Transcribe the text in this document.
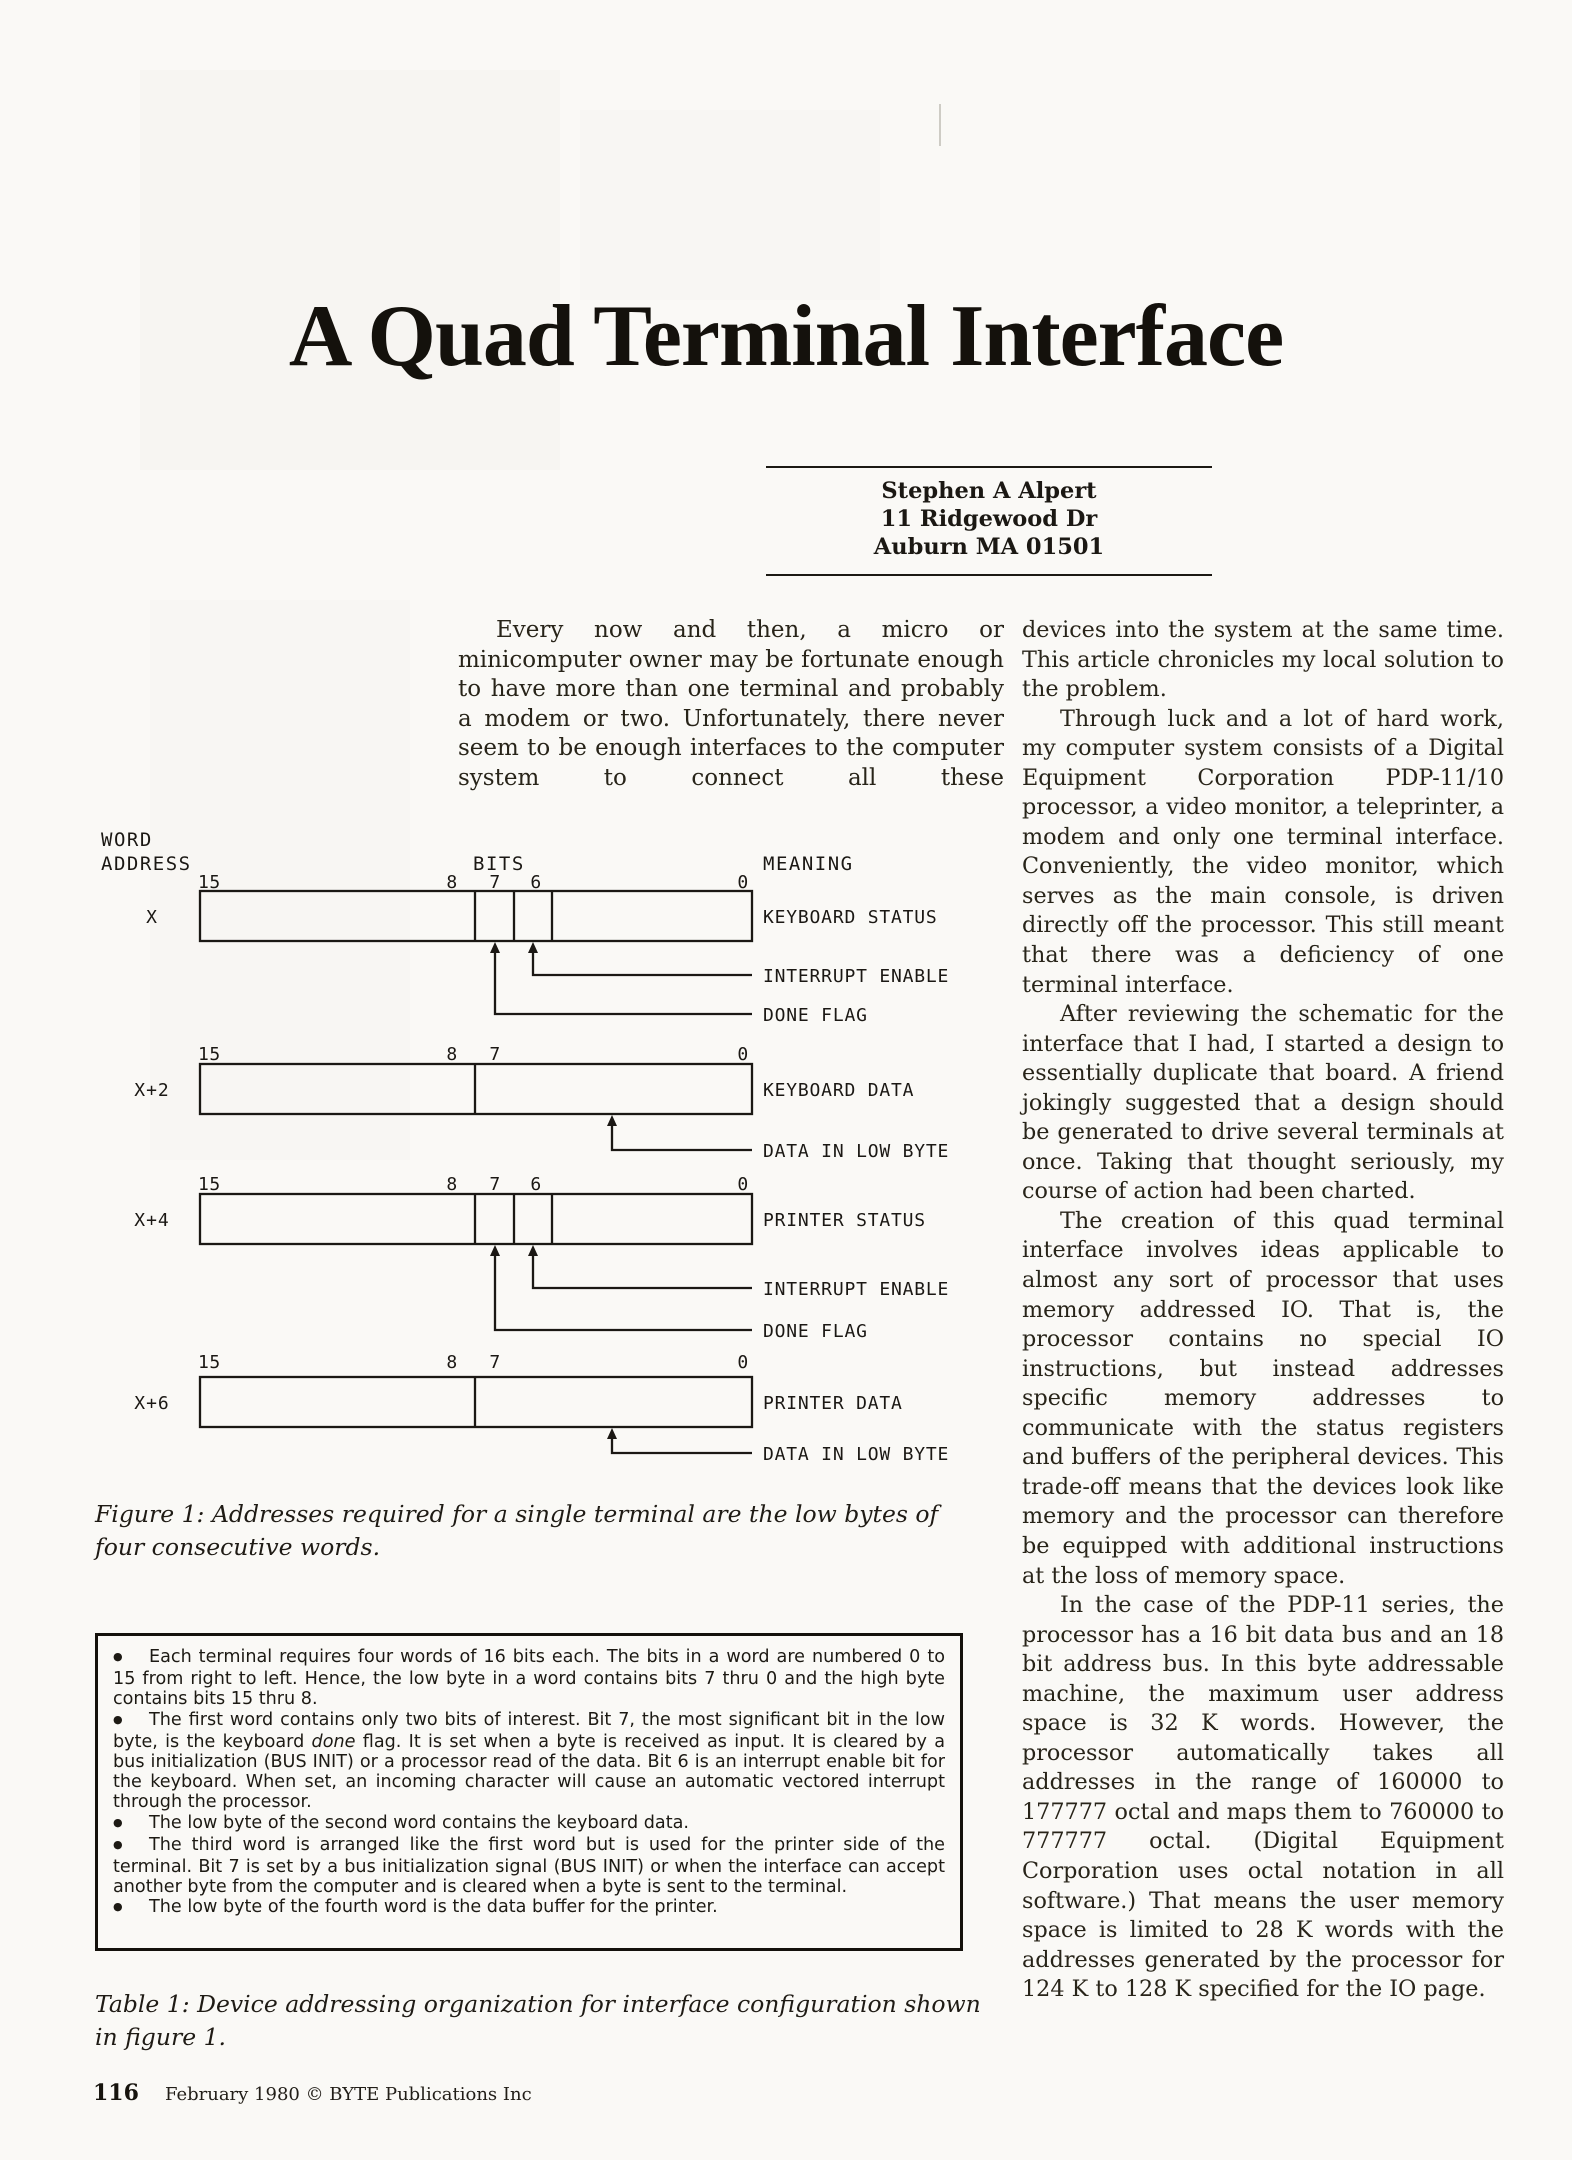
A Quad Terminal Interface
Stephen A Alpert
11 Ridgewood Dr
Auburn MA 01501
Every now and then, a micro or minicomputer owner may be fortunate enough to have more than one terminal and probably a modem or two. Unfortunately, there never seem to be enough interfaces to the computer system to connect all these

devices into the system at the same time. This article chronicles my local solution to the problem.

Through luck and a lot of hard work, my computer system consists of a Digital Equipment Corporation PDP-11/10 processor, a video monitor, a teleprinter, a modem and only one terminal interface. Conveniently, the video monitor, which serves as the main console, is driven directly off the processor. This still meant that there was a deficiency of one terminal interface.

After reviewing the schematic for the interface that I had, I started a design to essentially duplicate that board. A friend jokingly suggested that a design should be generated to drive several terminals at once. Taking that thought seriously, my course of action had been charted.

The creation of this quad terminal interface involves ideas applicable to almost any sort of processor that uses memory addressed IO. That is, the processor contains no special IO instructions, but instead addresses specific memory addresses to communicate with the status registers and buffers of the peripheral devices. This trade-off means that the devices look like memory and the processor can therefore be equipped with additional instructions at the loss of memory space.

In the case of the PDP-11 series, the processor has a 16 bit data bus and an 18 bit address bus. In this byte addressable machine, the maximum user address space is 32 K words. However, the processor automatically takes all addresses in the range of 160000 to 177777 octal and maps them to 760000 to 777777 octal. (Digital Equipment Corporation uses octal notation in all software.) That means the user memory space is limited to 28 K words with the addresses generated by the processor for 124 K to 128 K specified for the IO page.

WORD
ADDRESS	BITS	MEANING
15	8 7 6	0
X	KEYBOARD STATUS
INTERRUPT ENABLE
DONE FLAG
15	8 7	0
X+2	KEYBOARD DATA
DATA IN LOW BYTE
15	8 7 6	0
X+4	PRINTER STATUS
INTERRUPT ENABLE
DONE FLAG
15	8 7	0
X+6	PRINTER DATA
DATA IN LOW BYTE
Figure 1: Addresses required for a single terminal are the low bytes of four consecutive words.

● Each terminal requires four words of 16 bits each. The bits in a word are numbered 0 to 15 from right to left. Hence, the low byte in a word contains bits 7 thru 0 and the high byte contains bits 15 thru 8.

● The first word contains only two bits of interest. Bit 7, the most significant bit in the low byte, is the keyboard done flag. It is set when a byte is received as input. It is cleared by a bus initialization (BUS INIT) or a processor read of the data. Bit 6 is an interrupt enable bit for the keyboard. When set, an incoming character will cause an automatic vectored interrupt through the processor.

● The low byte of the second word contains the keyboard data.

● The third word is arranged like the first word but is used for the printer side of the terminal. Bit 7 is set by a bus initialization signal (BUS INIT) or when the interface can accept another byte from the computer and is cleared when a byte is sent to the terminal.

● The low byte of the fourth word is the data buffer for the printer.

Table 1: Device addressing organization for interface configuration shown in figure 1.
116 February 1980 © BYTE Publications Inc
